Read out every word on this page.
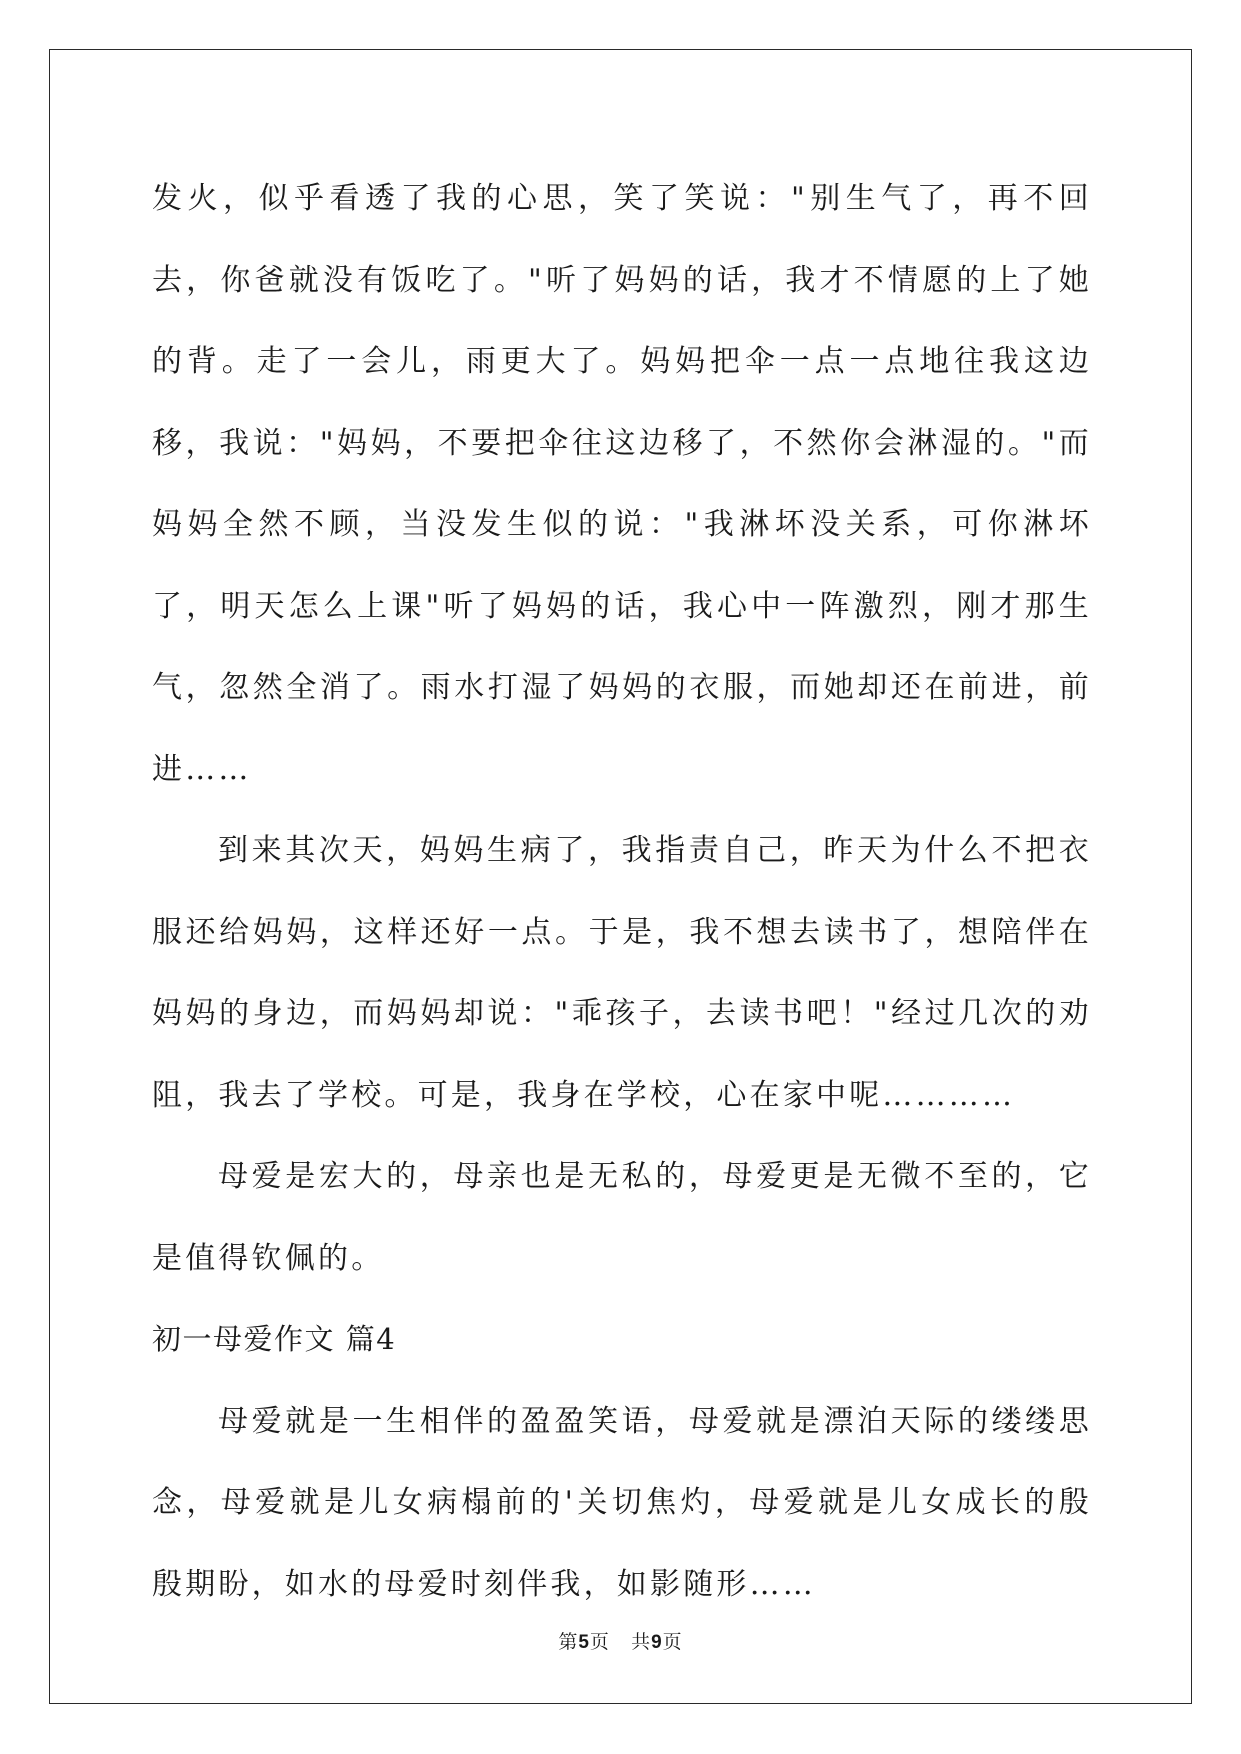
发火，似乎看透了我的心思，笑了笑说："别生气了，再不回去，你爸就没有饭吃了。"听了妈妈的话，我才不情愿的上了她的背。走了一会儿，雨更大了。妈妈把伞一点一点地往我这边移，我说："妈妈，不要把伞往这边移了，不然你会淋湿的。"而妈妈全然不顾，当没发生似的说："我淋坏没关系，可你淋坏了，明天怎么上课"听了妈妈的话，我心中一阵激烈，刚才那生气，忽然全消了。雨水打湿了妈妈的衣服，而她却还在前进，前进……

到来其次天，妈妈生病了，我指责自己，昨天为什么不把衣服还给妈妈，这样还好一点。于是，我不想去读书了，想陪伴在妈妈的身边，而妈妈却说："乖孩子，去读书吧！"经过几次的劝阻，我去了学校。可是，我身在学校，心在家中呢…………

母爱是宏大的，母亲也是无私的，母爱更是无微不至的，它是值得钦佩的。

初一母爱作文 篇4

母爱就是一生相伴的盈盈笑语，母爱就是漂泊天际的缕缕思念，母爱就是儿女病榻前的'关切焦灼，母爱就是儿女成长的殷殷期盼，如水的母爱时刻伴我，如影随形……

第5页 共9页
